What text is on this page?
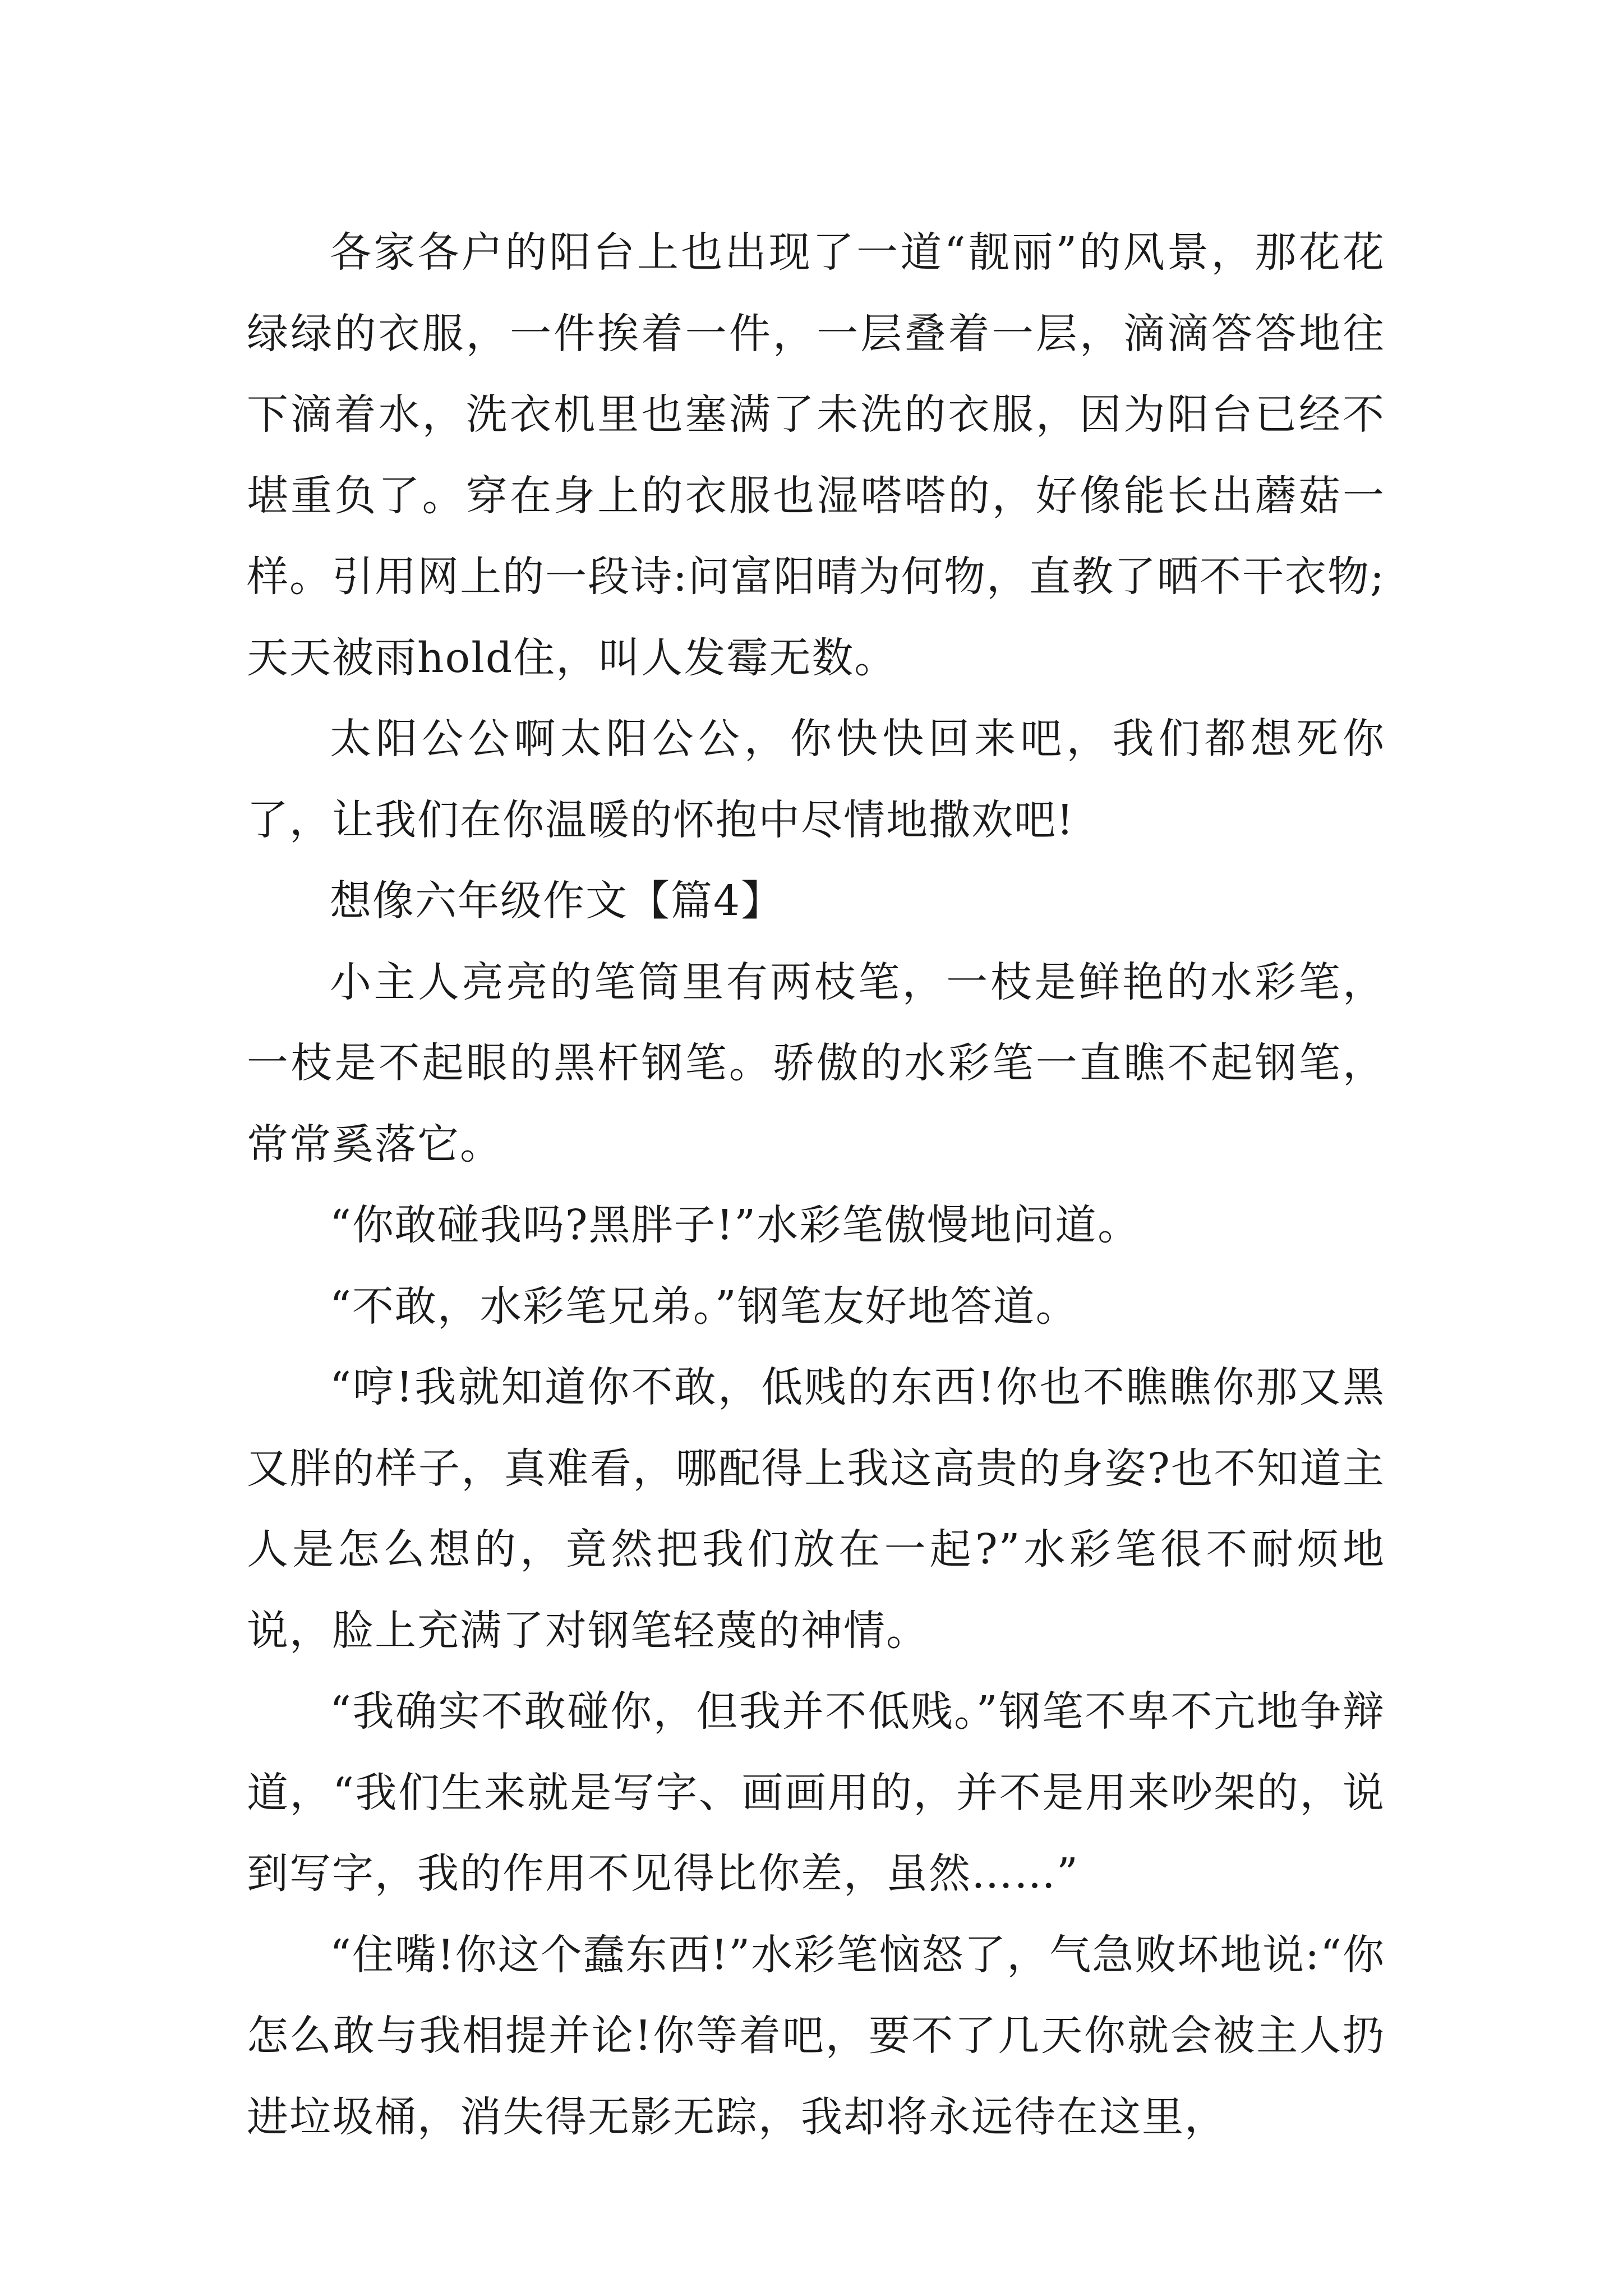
各家各户的阳台上也出现了一道“靓丽”的风景，那花花绿绿的衣服，一件挨着一件，一层叠着一层，滴滴答答地往下滴着水，洗衣机里也塞满了未洗的衣服，因为阳台已经不堪重负了。穿在身上的衣服也湿嗒嗒的，好像能长出蘑菇一样。引用网上的一段诗:问富阳晴为何物，直教了晒不干衣物;天天被雨hold住，叫人发霉无数。

太阳公公啊太阳公公，你快快回来吧，我们都想死你了，让我们在你温暖的怀抱中尽情地撒欢吧!

想像六年级作文【篇4】

小主人亮亮的笔筒里有两枝笔，一枝是鲜艳的水彩笔，一枝是不起眼的黑杆钢笔。骄傲的水彩笔一直瞧不起钢笔，常常奚落它。

“你敢碰我吗?黑胖子!”水彩笔傲慢地问道。

“不敢，水彩笔兄弟。”钢笔友好地答道。

“哼!我就知道你不敢，低贱的东西!你也不瞧瞧你那又黑又胖的样子，真难看，哪配得上我这高贵的身姿?也不知道主人是怎么想的，竟然把我们放在一起?”水彩笔很不耐烦地说，脸上充满了对钢笔轻蔑的神情。

“我确实不敢碰你，但我并不低贱。”钢笔不卑不亢地争辩道，“我们生来就是写字、画画用的，并不是用来吵架的，说到写字，我的作用不见得比你差，虽然……”

“住嘴!你这个蠢东西!”水彩笔恼怒了，气急败坏地说:“你怎么敢与我相提并论!你等着吧，要不了几天你就会被主人扔进垃圾桶，消失得无影无踪，我却将永远待在这里，
